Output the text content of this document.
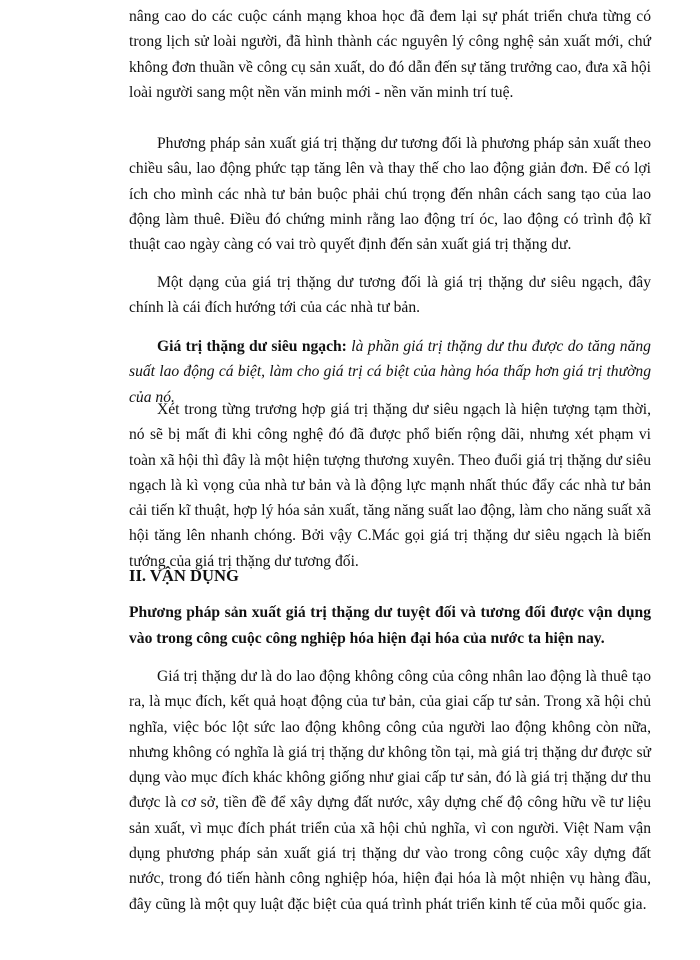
nâng cao do các cuộc cánh mạng khoa học đã đem lại sự phát triển chưa từng có trong lịch sử loài người, đã hình thành các nguyên lý công nghệ sản xuất mới, chứ không đơn thuần về công cụ sản xuất, do đó dẫn đến sự tăng trưởng cao, đưa xã hội loài người sang một nền văn minh mới - nền văn minh trí tuệ.

Phương pháp sản xuất giá trị thặng dư tương đối là phương pháp sản xuất theo chiều sâu, lao động phức tạp tăng lên và thay thế cho lao động giản đơn. Để có lợi ích cho mình các nhà tư bản buộc phải chú trọng đến nhân cách sang tạo của lao động làm thuê. Điều đó chứng minh rằng lao động trí óc, lao động có trình độ kĩ thuật cao ngày càng có vai trò quyết định đến sản xuất giá trị thặng dư.

Một dạng của giá trị thặng dư tương đối là giá trị thặng dư siêu ngạch, đây chính là cái đích hướng tới của các nhà tư bản.

Giá trị thặng dư siêu ngạch: là phần giá trị thặng dư thu được do tăng năng suất lao động cá biệt, làm cho giá trị cá biệt của hàng hóa thấp hơn giá trị thường của nó.

Xét trong từng trương hợp giá trị thặng dư siêu ngạch là hiện tượng tạm thời, nó sẽ bị mất đi khi công nghệ đó đã được phổ biến rộng dãi, nhưng xét phạm vi toàn xã hội thì đây là một hiện tượng thương xuyên. Theo đuổi giá trị thặng dư siêu ngạch là kì vọng của nhà tư bản và là động lực mạnh nhất thúc đẩy các nhà tư bản cải tiến kĩ thuật, hợp lý hóa sản xuất, tăng năng suất lao động, làm cho năng suất xã hội tăng lên nhanh chóng. Bởi vậy C.Mác gọi giá trị thặng dư siêu ngạch là biến tướng của giá trị thặng dư tương đối.

II. VẬN DỤNG

Phương pháp sản xuất giá trị thặng dư tuyệt đối và tương đối được vận dụng vào trong công cuộc công nghiệp hóa hiện đại hóa của nước ta hiện nay.

Giá trị thặng dư là do lao động không công của công nhân lao động là thuê tạo ra, là mục đích, kết quả hoạt động của tư bản, của giai cấp tư sản. Trong xã hội chủ nghĩa, việc bóc lột sức lao động không công của người lao động không còn nữa, nhưng không có nghĩa là giá trị thặng dư không tồn tại, mà giá trị thặng dư được sử dụng vào mục đích khác không giống như giai cấp tư sản, đó là giá trị thặng dư thu được là cơ sở, tiền đề để xây dựng đất nước, xây dựng chế độ công hữu về tư liệu sản xuất, vì mục đích phát triển của xã hội chủ nghĩa, vì con người. Việt Nam vận dụng phương pháp sản xuất giá trị thặng dư vào trong công cuộc xây dựng đất nước, trong đó tiến hành công nghiệp hóa, hiện đại hóa là một nhiện vụ hàng đầu, đây cũng là một quy luật đặc biệt của quá trình phát triển kinh tế của mỗi quốc gia.
